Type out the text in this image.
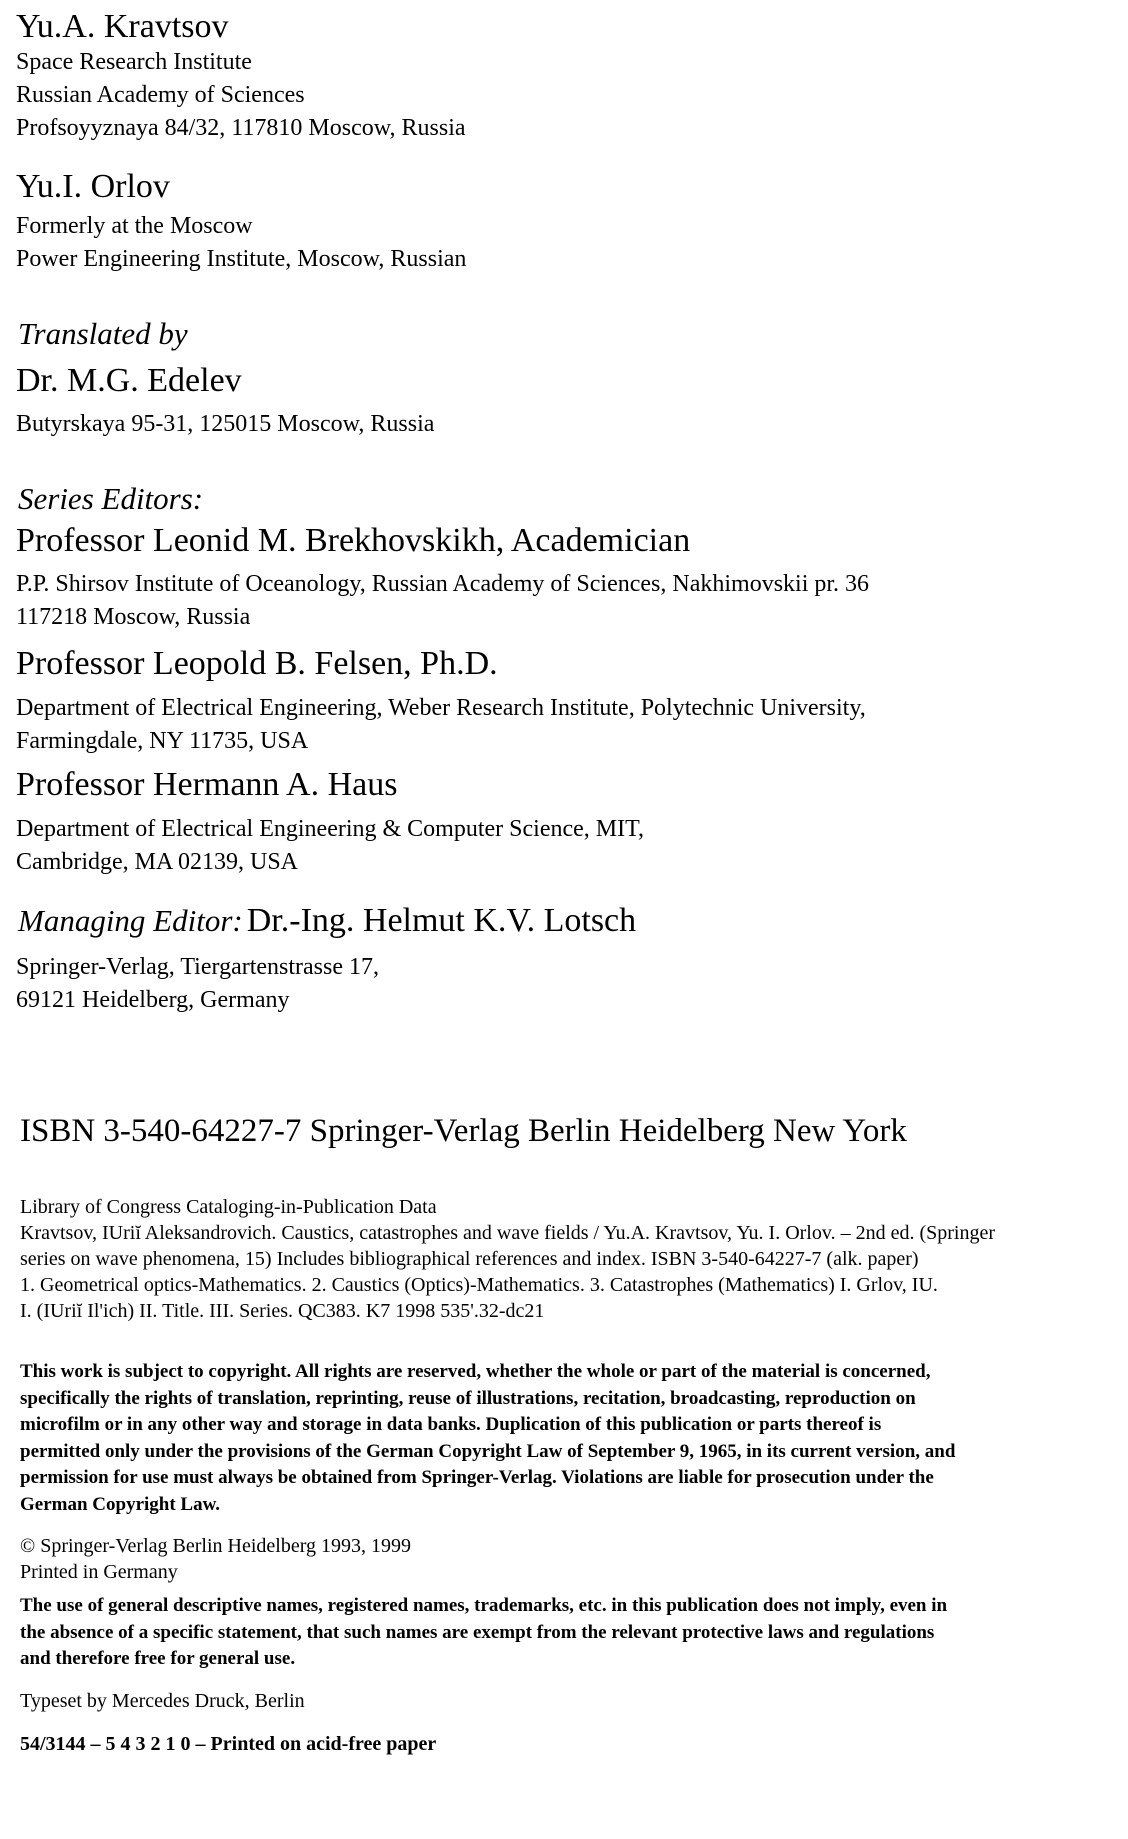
Yu.A. Kravtsov
Space Research Institute
Russian Academy of Sciences
Profsoyyznaya 84/32, 117810 Moscow, Russia
Yu.I. Orlov
Formerly at the Moscow
Power Engineering Institute, Moscow, Russian
Translated by
Dr. M.G. Edelev
Butyrskaya 95-31, 125015 Moscow, Russia
Series Editors:
Professor Leonid M. Brekhovskikh, Academician
P.P. Shirsov Institute of Oceanology, Russian Academy of Sciences, Nakhimovskii pr. 36
117218 Moscow, Russia
Professor Leopold B. Felsen, Ph.D.
Department of Electrical Engineering, Weber Research Institute, Polytechnic University,
Farmingdale, NY 11735, USA
Professor Hermann A. Haus
Department of Electrical Engineering & Computer Science, MIT,
Cambridge, MA 02139, USA
Managing Editor: Dr.-Ing. Helmut K.V. Lotsch
Springer-Verlag, Tiergartenstrasse 17,
69121 Heidelberg, Germany
ISBN 3-540-64227-7 Springer-Verlag Berlin Heidelberg New York
Library of Congress Cataloging-in-Publication Data
Kravtsov, IUriĭ Aleksandrovich. Caustics, catastrophes and wave fields / Yu.A. Kravtsov, Yu. I. Orlov. – 2nd ed. (Springer
series on wave phenomena, 15) Includes bibliographical references and index. ISBN 3-540-64227-7 (alk. paper)
1. Geometrical optics-Mathematics. 2. Caustics (Optics)-Mathematics. 3. Catastrophes (Mathematics) I. Grlov, IU.
I. (IUriĭ Il'ich) II. Title. III. Series. QC383. K7 1998 535'.32-dc21
This work is subject to copyright. All rights are reserved, whether the whole or part of the material is concerned,
specifically the rights of translation, reprinting, reuse of illustrations, recitation, broadcasting, reproduction on
microfilm or in any other way and storage in data banks. Duplication of this publication or parts thereof is
permitted only under the provisions of the German Copyright Law of September 9, 1965, in its current version, and
permission for use must always be obtained from Springer-Verlag. Violations are liable for prosecution under the
German Copyright Law.
© Springer-Verlag Berlin Heidelberg 1993, 1999
Printed in Germany
The use of general descriptive names, registered names, trademarks, etc. in this publication does not imply, even in
the absence of a specific statement, that such names are exempt from the relevant protective laws and regulations
and therefore free for general use.
Typeset by Mercedes Druck, Berlin
54/3144 – 5 4 3 2 1 0 – Printed on acid-free paper
